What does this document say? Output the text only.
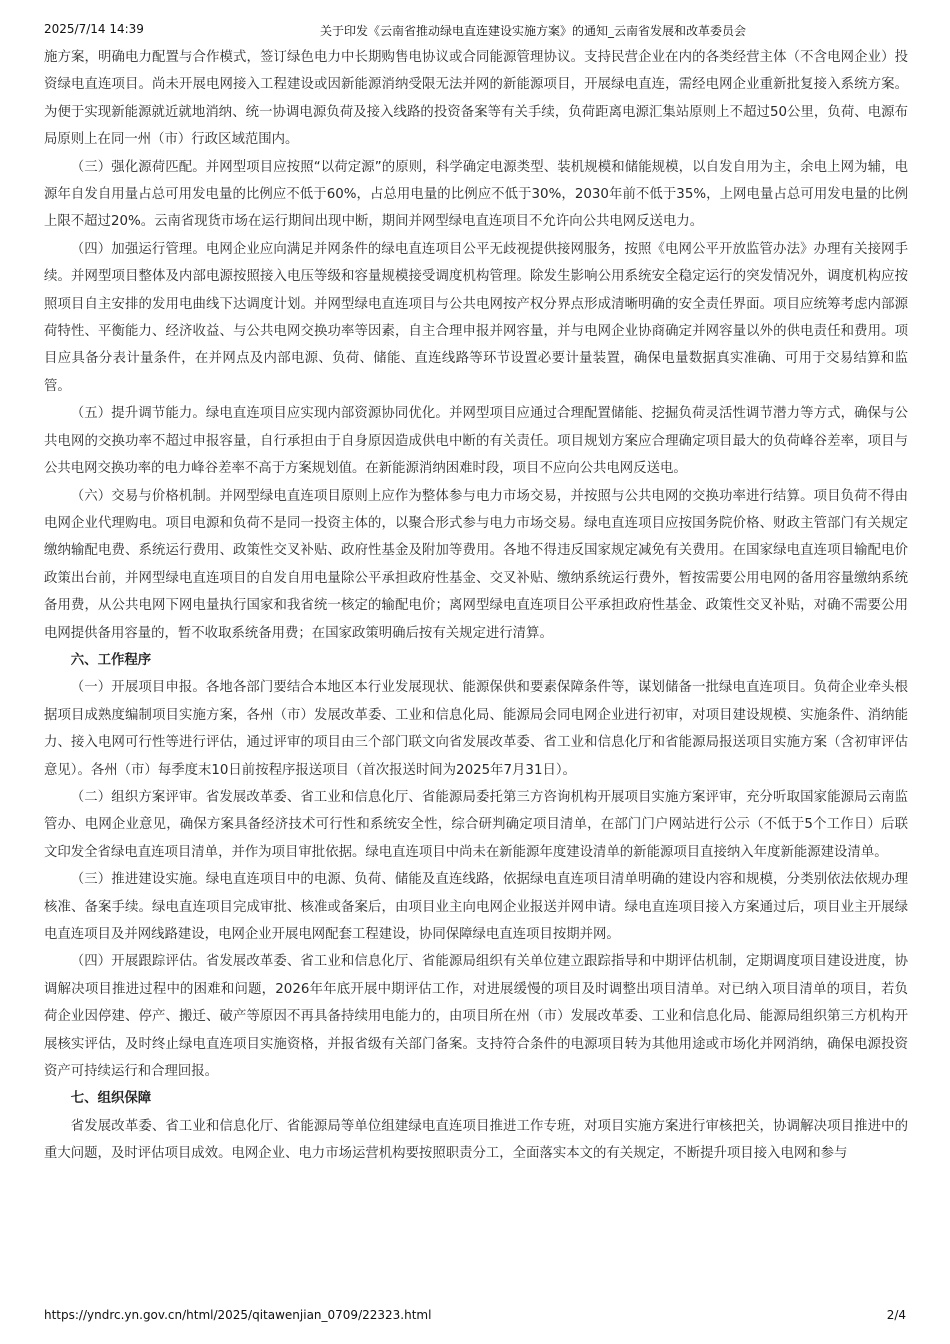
2025/7/14 14:39	关于印发《云南省推动绿电直连建设实施方案》的通知_云南省发展和改革委员会

施方案，明确电力配置与合作模式，签订绿色电力中长期购售电协议或合同能源管理协议。支持民营企业在内的各类经营主体（不含电网企业）投资绿电直连项目。尚未开展电网接入工程建设或因新能源消纳受限无法并网的新能源项目，开展绿电直连，需经电网企业重新批复接入系统方案。为便于实现新能源就近就地消纳、统一协调电源负荷及接入线路的投资备案等有关手续，负荷距离电源汇集站原则上不超过50公里，负荷、电源布局原则上在同一州（市）行政区域范围内。

（三）强化源荷匹配。并网型项目应按照“以荷定源”的原则，科学确定电源类型、装机规模和储能规模，以自发自用为主，余电上网为辅，电源年自发自用量占总可用发电量的比例应不低于60%，占总用电量的比例应不低于30%，2030年前不低于35%，上网电量占总可用发电量的比例上限不超过20%。云南省现货市场在运行期间出现中断，期间并网型绿电直连项目不允许向公共电网反送电力。

（四）加强运行管理。电网企业应向满足并网条件的绿电直连项目公平无歧视提供接网服务，按照《电网公平开放监管办法》办理有关接网手续。并网型项目整体及内部电源按照接入电压等级和容量规模接受调度机构管理。除发生影响公用系统安全稳定运行的突发情况外，调度机构应按照项目自主安排的发用电曲线下达调度计划。并网型绿电直连项目与公共电网按产权分界点形成清晰明确的安全责任界面。项目应统筹考虑内部源荷特性、平衡能力、经济收益、与公共电网交换功率等因素，自主合理申报并网容量，并与电网企业协商确定并网容量以外的供电责任和费用。项目应具备分表计量条件，在并网点及内部电源、负荷、储能、直连线路等环节设置必要计量装置，确保电量数据真实准确、可用于交易结算和监管。

（五）提升调节能力。绿电直连项目应实现内部资源协同优化。并网型项目应通过合理配置储能、挖掘负荷灵活性调节潜力等方式，确保与公共电网的交换功率不超过申报容量，自行承担由于自身原因造成供电中断的有关责任。项目规划方案应合理确定项目最大的负荷峰谷差率，项目与公共电网交换功率的电力峰谷差率不高于方案规划值。在新能源消纳困难时段，项目不应向公共电网反送电。

（六）交易与价格机制。并网型绿电直连项目原则上应作为整体参与电力市场交易，并按照与公共电网的交换功率进行结算。项目负荷不得由电网企业代理购电。项目电源和负荷不是同一投资主体的，以聚合形式参与电力市场交易。绿电直连项目应按国务院价格、财政主管部门有关规定缴纳输配电费、系统运行费用、政策性交叉补贴、政府性基金及附加等费用。各地不得违反国家规定减免有关费用。在国家绿电直连项目输配电价政策出台前，并网型绿电直连项目的自发自用电量除公平承担政府性基金、交叉补贴、缴纳系统运行费外，暂按需要公用电网的备用容量缴纳系统备用费，从公共电网下网电量执行国家和我省统一核定的输配电价；离网型绿电直连项目公平承担政府性基金、政策性交叉补贴，对确不需要公用电网提供备用容量的，暂不收取系统备用费；在国家政策明确后按有关规定进行清算。

六、工作程序

（一）开展项目申报。各地各部门要结合本地区本行业发展现状、能源保供和要素保障条件等，谋划储备一批绿电直连项目。负荷企业牵头根据项目成熟度编制项目实施方案，各州（市）发展改革委、工业和信息化局、能源局会同电网企业进行初审，对项目建设规模、实施条件、消纳能力、接入电网可行性等进行评估，通过评审的项目由三个部门联文向省发展改革委、省工业和信息化厅和省能源局报送项目实施方案（含初审评估意见）。各州（市）每季度末10日前按程序报送项目（首次报送时间为2025年7月31日）。

（二）组织方案评审。省发展改革委、省工业和信息化厅、省能源局委托第三方咨询机构开展项目实施方案评审，充分听取国家能源局云南监管办、电网企业意见，确保方案具备经济技术可行性和系统安全性，综合研判确定项目清单，在部门门户网站进行公示（不低于5个工作日）后联文印发全省绿电直连项目清单，并作为项目审批依据。绿电直连项目中尚未在新能源年度建设清单的新能源项目直接纳入年度新能源建设清单。

（三）推进建设实施。绿电直连项目中的电源、负荷、储能及直连线路，依据绿电直连项目清单明确的建设内容和规模，分类别依法依规办理核准、备案手续。绿电直连项目完成审批、核准或备案后，由项目业主向电网企业报送并网申请。绿电直连项目接入方案通过后，项目业主开展绿电直连项目及并网线路建设，电网企业开展电网配套工程建设，协同保障绿电直连项目按期并网。

（四）开展跟踪评估。省发展改革委、省工业和信息化厅、省能源局组织有关单位建立跟踪指导和中期评估机制，定期调度项目建设进度，协调解决项目推进过程中的困难和问题，2026年年底开展中期评估工作，对进展缓慢的项目及时调整出项目清单。对已纳入项目清单的项目，若负荷企业因停建、停产、搬迁、破产等原因不再具备持续用电能力的，由项目所在州（市）发展改革委、工业和信息化局、能源局组织第三方机构开展核实评估，及时终止绿电直连项目实施资格，并报省级有关部门备案。支持符合条件的电源项目转为其他用途或市场化并网消纳，确保电源投资资产可持续运行和合理回报。

七、组织保障

省发展改革委、省工业和信息化厅、省能源局等单位组建绿电直连项目推进工作专班，对项目实施方案进行审核把关，协调解决项目推进中的重大问题，及时评估项目成效。电网企业、电力市场运营机构要按照职责分工，全面落实本文的有关规定，不断提升项目接入电网和参与

https://yndrc.yn.gov.cn/html/2025/qitawenjian_0709/22323.html	2/4
